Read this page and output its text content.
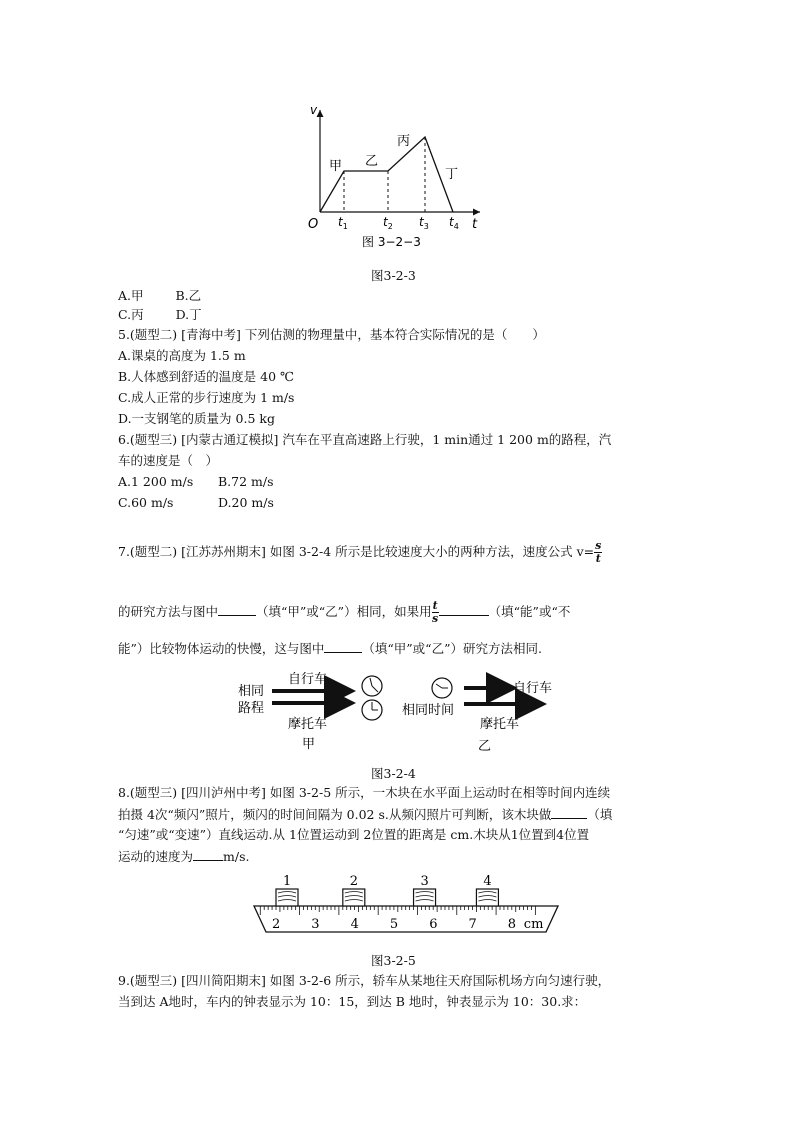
v
t
O
甲 乙
丙
丁
$t_1$	$t_2$ $t_3$ $t_4$
图 3−2−3
图3-2-3
A.甲	B.乙
C.丙	D.丁
5.(题型二) [青海中考] 下列估测的物理量中，基本符合实际情况的是（　　）
A.课桌的高度为 1.5 m
B.人体感到舒适的温度是 40 ℃
C.成人正常的步行速度为 1 m/s
D.一支钢笔的质量为 0.5 kg
6.(题型三) [内蒙古通辽模拟] 汽车在平直高速路上行驶，1 min通过 1 200 m的路程，汽
车的速度是（　）
A.1 200 m/s B.72 m/s
C.60 m/s	D.20 m/s
7.(题型二) [江苏苏州期末] 如图 3-2-4 所示是比较速度大小的两种方法，速度公式 $v= \frac{s}{t}$
的研究方法与图中	（填“甲”或“乙”）相同，如果用 $\frac{t}{s}$	（填“能”或“不
能”）比较物体运动的快慢，这与图中	（填“甲”或“乙”）研究方法相同.
相同
路程
自行车
摩托车
甲
自行车
相同时间
摩托车
乙
图3-2-4
8.(题型三) [四川泸州中考] 如图 3-2-5 所示，一木块在水平面上运动时在相等时间内连续
拍摄 4次“频闪”照片，频闪的时间间隔为 0.02 s.从频闪照片可判断，该木块做	（填
“匀速”或“变速”）直线运动.从 1位置运动到 2位置的距离是 cm.木块从1位置到4位置
运动的速度为 m/s.
2 3 4 5 6 7 8 cm
1	2	3	4
图3-2-5
9.(题型三) [四川简阳期末] 如图 3-2-6 所示，轿车从某地往天府国际机场方向匀速行驶，
当到达 A地时，车内的钟表显示为 10：15，到达 B 地时，钟表显示为 10：30.求：
